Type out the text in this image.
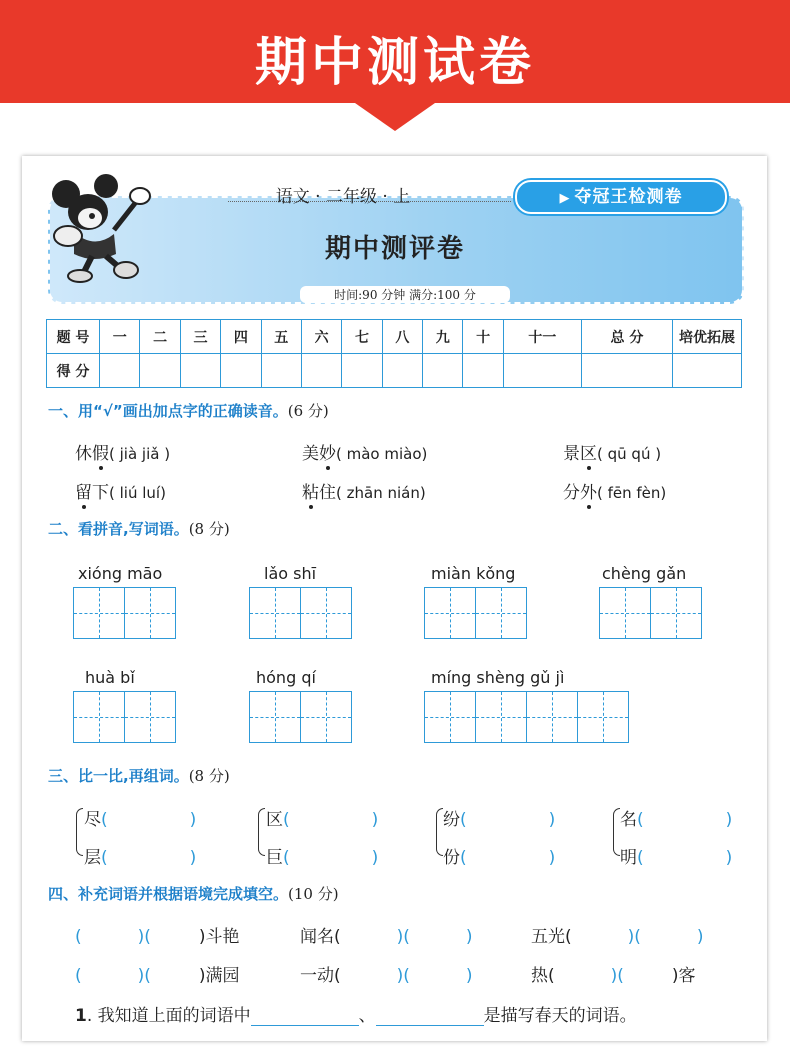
期中测试卷
语文 · 二年级 · 上	▶ 夺冠王检测卷
期中测评卷
时间:90 分钟 满分:100 分
题 号	一	二	三	四	五	六	七	八	九	十	十一	总 分	培优拓展
得 分													
一、用“√”画出加点字的正确读音。(6 分)
休假( jià jiǎ )	美妙( mào miào)	景区( qū qú )
留下( liú luí)	粘住( zhān nián)	分外( fēn fèn)
二、看拼音,写词语。(8 分)
xióng māo	lǎo shī	miàn kǒng	chèng gǎn
huà bǐ	hóng qí	míng shèng gǔ jì
三、比一比,再组词。(8 分)
尽(	)
层(	)
区(	)
巨(	)
纷(	)
份(	)
名(	)
明(	)
四、补充词语并根据语境完成填空。(10 分)
(	)(	)斗艳	闻名(	)(	)	五光(	)(	)
(	)(	)满园	一动(	)(	)	热(	)(	)客
1. 我知道上面的词语中	、	是描写春天的词语。
